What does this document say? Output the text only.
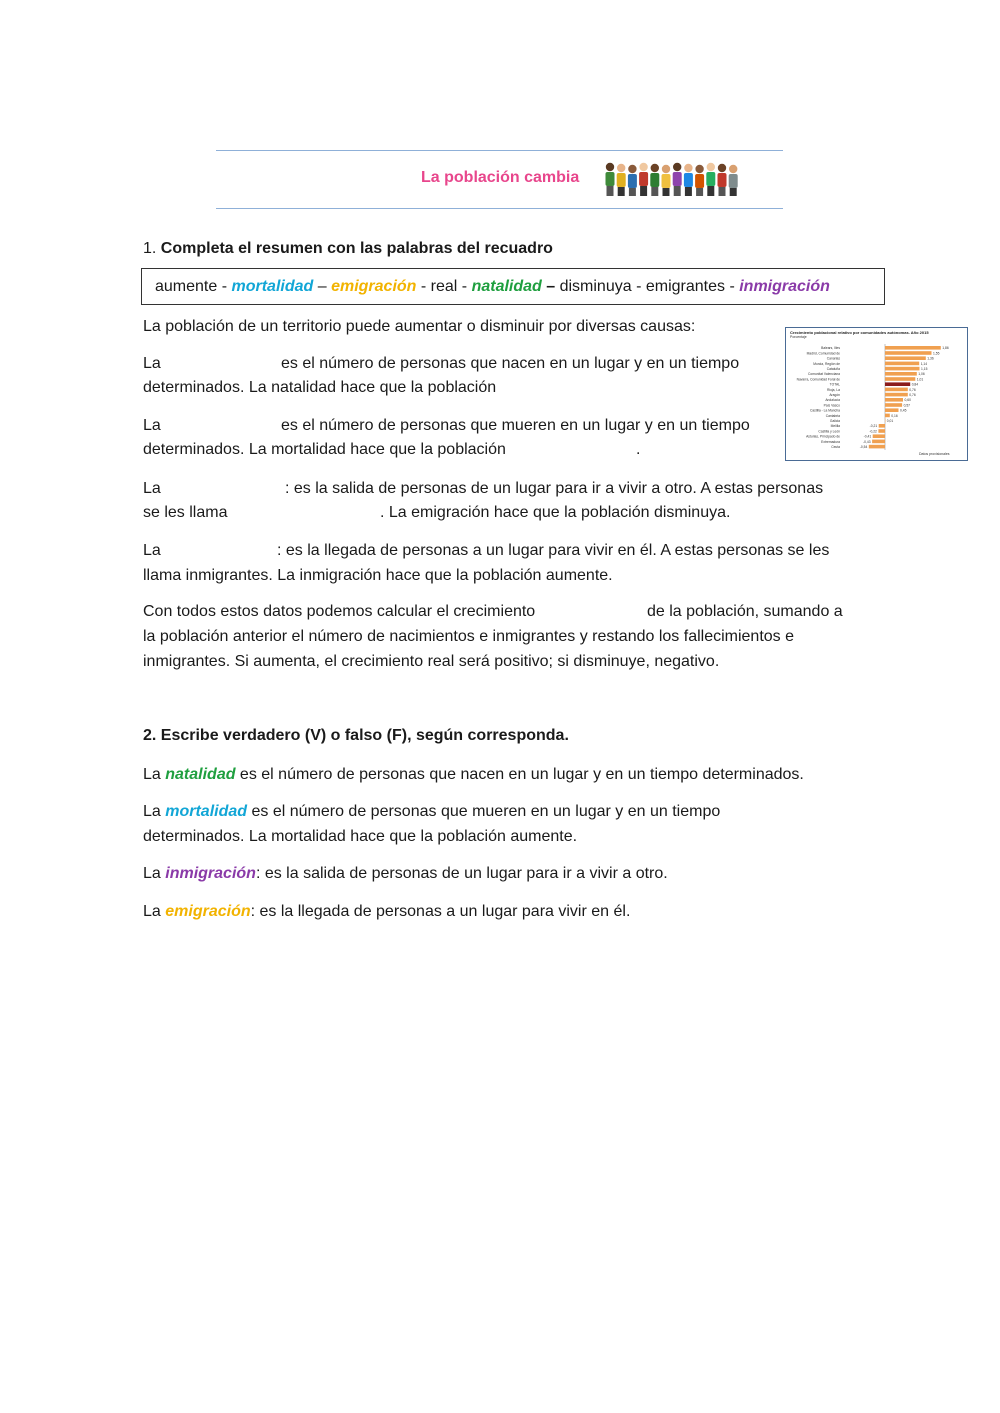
La población cambia
1. Completa el resumen con las palabras del recuadro
aumente - mortalidad – emigración - real - natalidad – disminuya - emigrantes - inmigración
La población de un territorio puede aumentar o disminuir por diversas causas:
La	es el número de personas que nacen en un lugar y en un tiempo
determinados. La natalidad hace que la población
La	es el número de personas que mueren en un lugar y en un tiempo
determinados. La mortalidad hace que la población	.
La	: es la salida de personas de un lugar para ir a vivir a otro. A estas personas
se les llama	. La emigración hace que la población disminuya.
La	: es la llegada de personas a un lugar para vivir en él. A estas personas se les
llama inmigrantes. La inmigración hace que la población aumente.
Con todos estos datos podemos calcular el crecimiento	de la población, sumando a
la población anterior el número de nacimientos e inmigrantes y restando los fallecimientos e
inmigrantes. Si aumenta, el crecimiento real será positivo; si disminuye, negativo.
Crecimiento poblacional relativo por comunidades autónomas. Año 2015
Porcentaje
Balears, Illes	1,86
Madrid, Comunidad de	1,55
Canarias	1,36
Murcia, Región de	1,14
Cataluña	1,15
Comunitat Valenciana	1,06
Navarra, Comunidad Foral de	1,01
TOTAL	0,84
Rioja, La	0,76
Aragón	0,76
Andalucía	0,60
País Vasco	0,57
Castilla - La Mancha	0,45
Cantabria	0,16
Galicia	0,01
Melilla	-0,21
Castilla y León	-0,22
Asturias, Principado de	-0,41
Extremadura	-0,43
Ceuta	-0,54
Datos provisionales
2. Escribe verdadero (V) o falso (F), según corresponda.
La natalidad es el número de personas que nacen en un lugar y en un tiempo determinados.
La mortalidad es el número de personas que mueren en un lugar y en un tiempo
determinados. La mortalidad hace que la población aumente.
La inmigración: es la salida de personas de un lugar para ir a vivir a otro.
La emigración: es la llegada de personas a un lugar para vivir en él.
